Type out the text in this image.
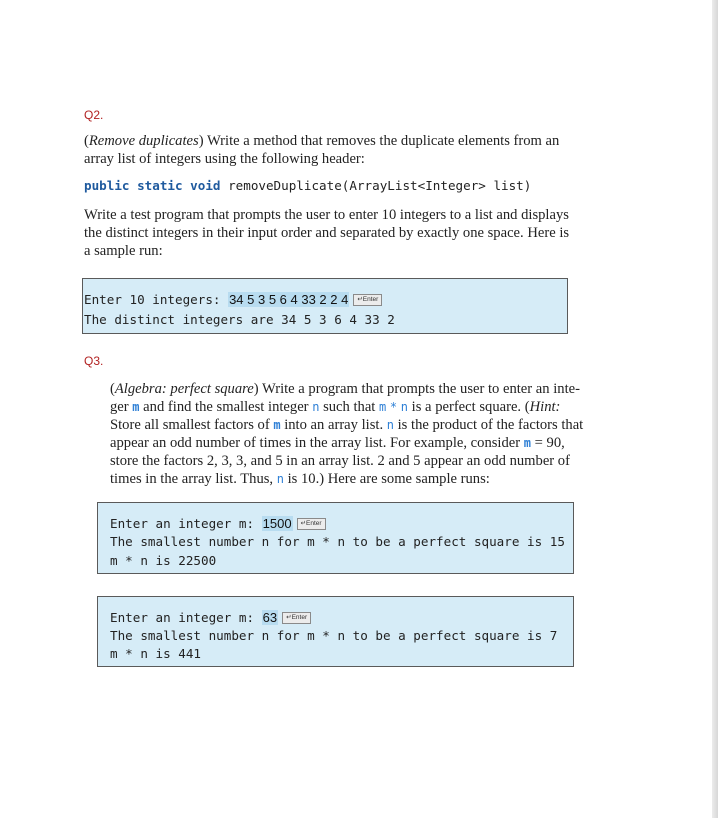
Q2.

(Remove duplicates) Write a method that removes the duplicate elements from an array list of integers using the following header:

public static void removeDuplicate(ArrayList<Integer> list)

Write a test program that prompts the user to enter 10 integers to a list and displays the distinct integers in their input order and separated by exactly one space. Here is a sample run:

Enter 10 integers: 34 5 3 5 6 4 33 2 2 4 ↵Enter
The distinct integers are 34 5 3 6 4 33 2
Q3.
(Algebra: perfect square) Write a program that prompts the user to enter an inte-
ger m and find the smallest integer n such that m * n is a perfect square. (Hint:
Store all smallest factors of m into an array list. n is the product of the factors that
appear an odd number of times in the array list. For example, consider m = 90,
store the factors 2, 3, 3, and 5 in an array list. 2 and 5 appear an odd number of
times in the array list. Thus, n is 10.) Here are some sample runs:
Enter an integer m: 1500 ↵Enter
The smallest number n for m * n to be a perfect square is 15
m * n is 22500
Enter an integer m: 63 ↵Enter
The smallest number n for m * n to be a perfect square is 7
m * n is 441
